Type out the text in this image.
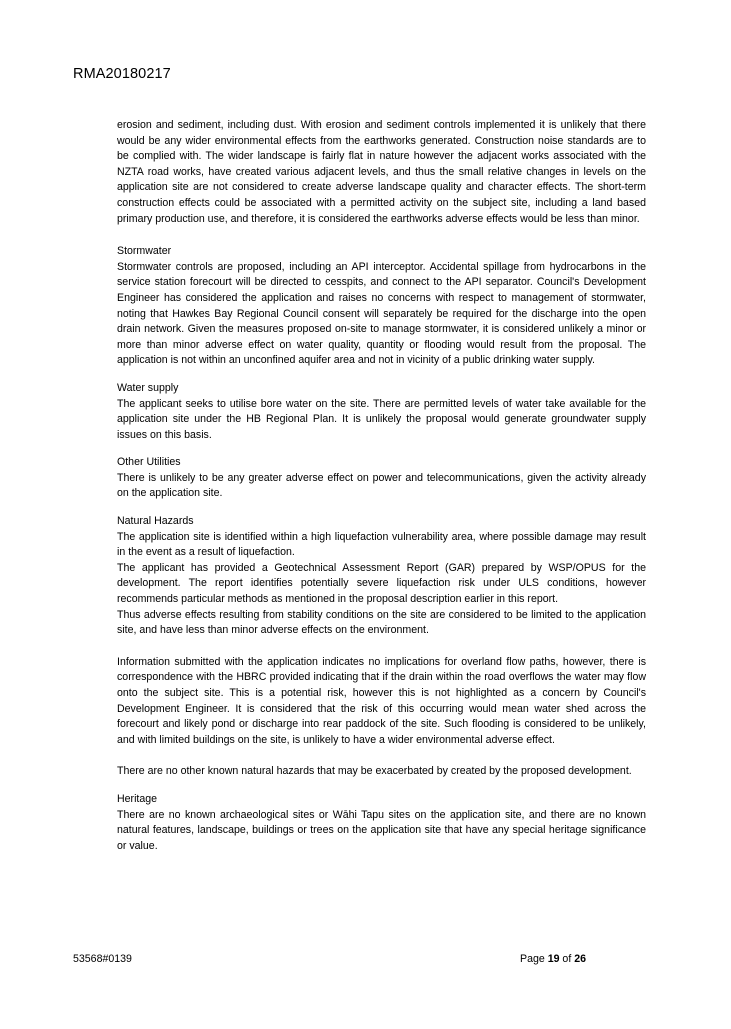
RMA20180217

erosion and sediment, including dust. With erosion and sediment controls implemented it is unlikely that there would be any wider environmental effects from the earthworks generated. Construction noise standards are to be complied with. The wider landscape is fairly flat in nature however the adjacent works associated with the NZTA road works, have created various adjacent levels, and thus the small relative changes in levels on the application site are not considered to create adverse landscape quality and character effects. The short-term construction effects could be associated with a permitted activity on the subject site, including a land based primary production use, and therefore, it is considered the earthworks adverse effects would be less than minor.

Stormwater

Stormwater controls are proposed, including an API interceptor. Accidental spillage from hydrocarbons in the service station forecourt will be directed to cesspits, and connect to the API separator. Council's Development Engineer has considered the application and raises no concerns with respect to management of stormwater, noting that Hawkes Bay Regional Council consent will separately be required for the discharge into the open drain network. Given the measures proposed on-site to manage stormwater, it is considered unlikely a minor or more than minor adverse effect on water quality, quantity or flooding would result from the proposal. The application is not within an unconfined aquifer area and not in vicinity of a public drinking water supply.

Water supply

The applicant seeks to utilise bore water on the site. There are permitted levels of water take available for the application site under the HB Regional Plan. It is unlikely the proposal would generate groundwater supply issues on this basis.

Other Utilities

There is unlikely to be any greater adverse effect on power and telecommunications, given the activity already on the application site.

Natural Hazards

The application site is identified within a high liquefaction vulnerability area, where possible damage may result in the event as a result of liquefaction.

The applicant has provided a Geotechnical Assessment Report (GAR) prepared by WSP/OPUS for the development. The report identifies potentially severe liquefaction risk under ULS conditions, however recommends particular methods as mentioned in the proposal description earlier in this report.

Thus adverse effects resulting from stability conditions on the site are considered to be limited to the application site, and have less than minor adverse effects on the environment.

Information submitted with the application indicates no implications for overland flow paths, however, there is correspondence with the HBRC provided indicating that if the drain within the road overflows the water may flow onto the subject site. This is a potential risk, however this is not highlighted as a concern by Council's Development Engineer. It is considered that the risk of this occurring would mean water shed across the forecourt and likely pond or discharge into rear paddock of the site. Such flooding is considered to be unlikely, and with limited buildings on the site, is unlikely to have a wider environmental adverse effect.

There are no other known natural hazards that may be exacerbated by created by the proposed development.

Heritage

There are no known archaeological sites or Wāhi Tapu sites on the application site, and there are no known natural features, landscape, buildings or trees on the application site that have any special heritage significance or value.

53568#0139	Page 19 of 26
